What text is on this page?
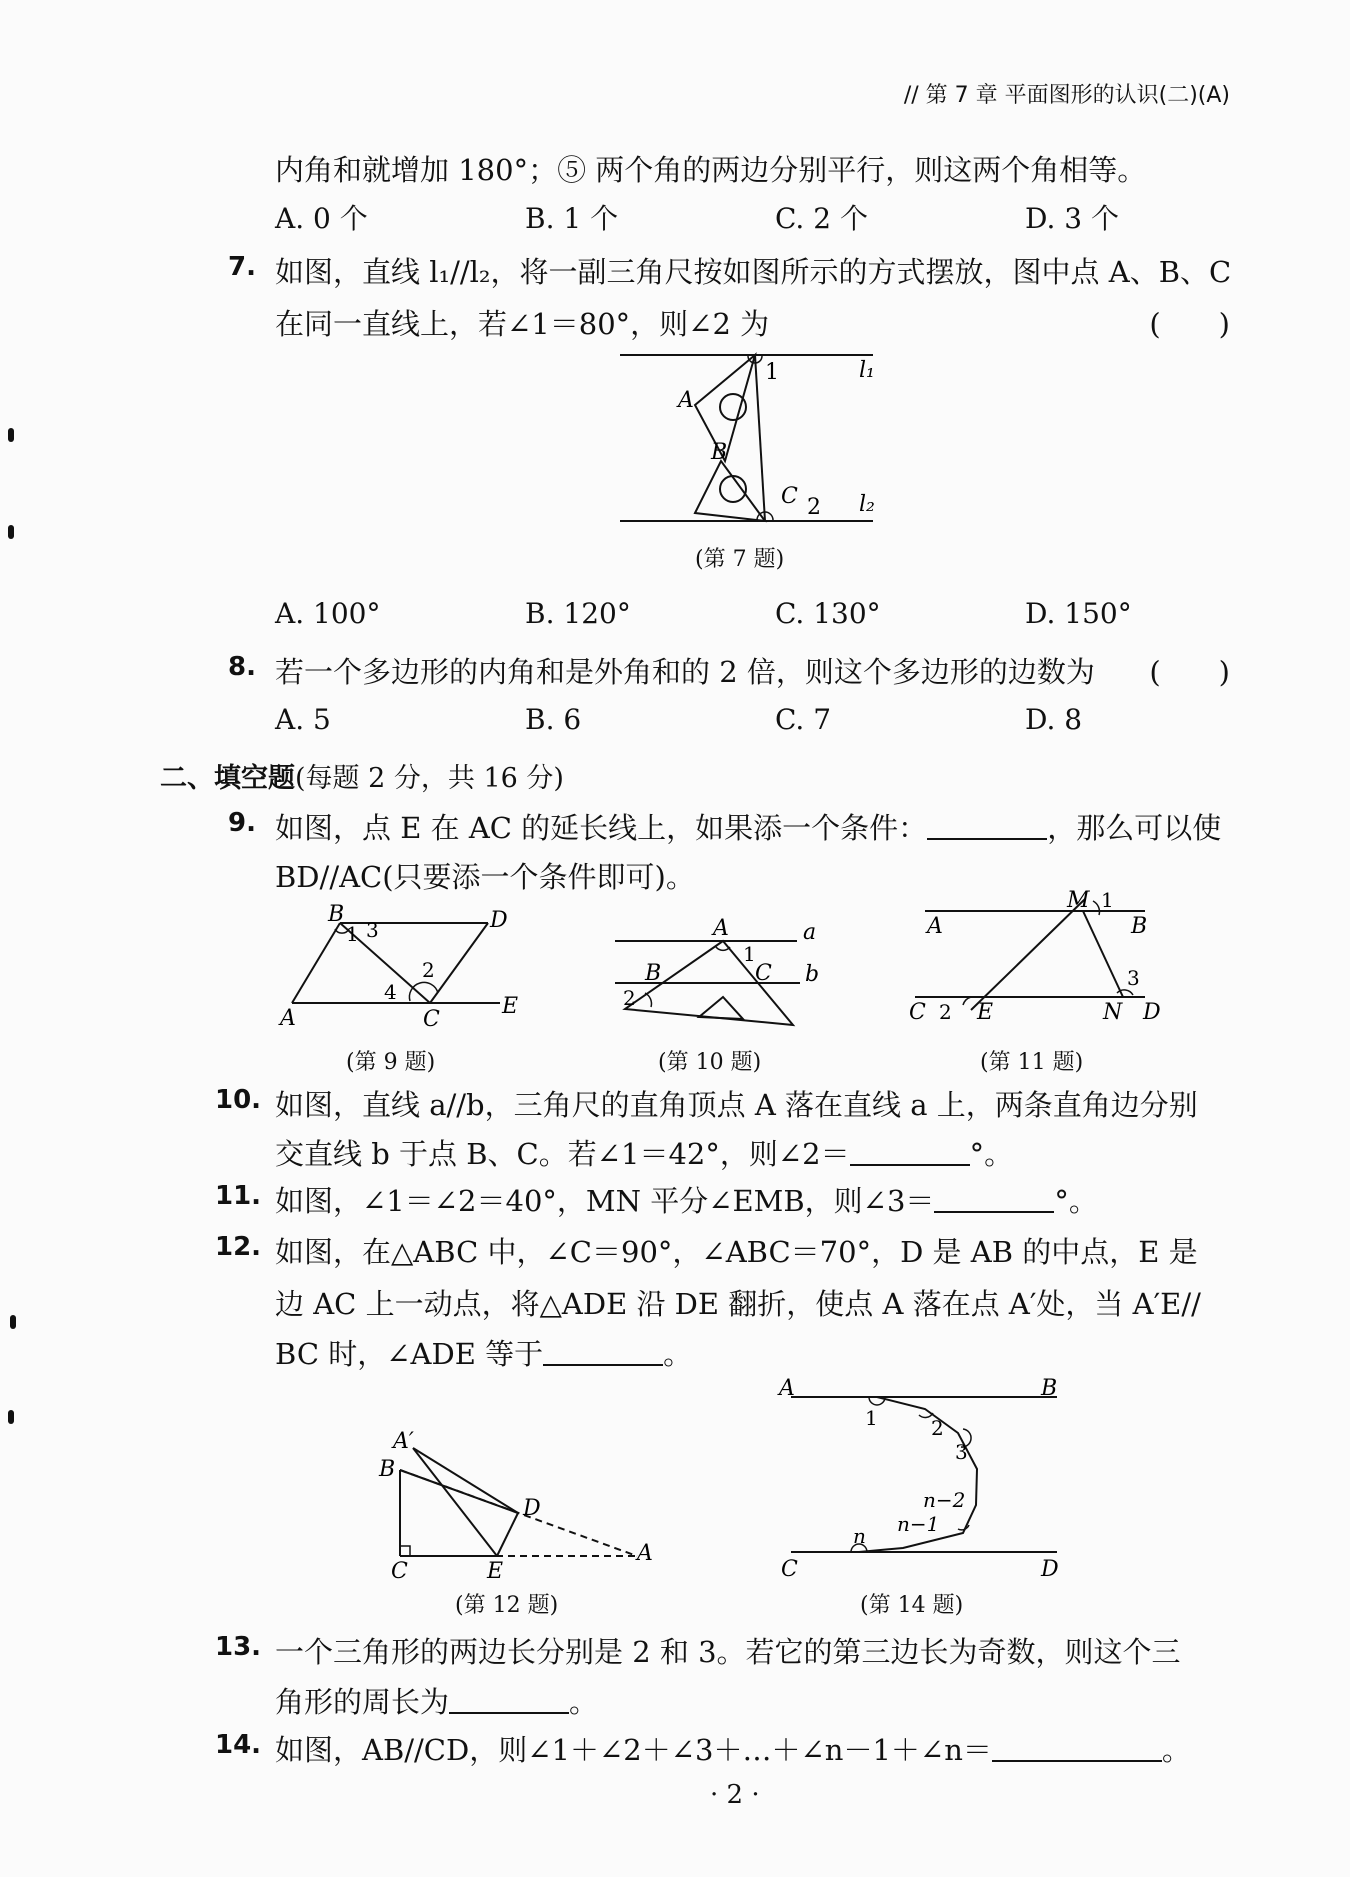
// 第 7 章 平面图形的认识(二)(A)
内角和就增加 180°；⑤ 两个角的两边分别平行，则这两个角相等。
A. 0 个	B. 1 个	C. 2 个	D. 3 个
7. 如图，直线 l₁//l₂，将一副三角尺按如图所示的方式摆放，图中点 A、B、C
在同一直线上，若∠1＝80°，则∠2 为	(　　)
1
A
B
C 2
l₁
l₂
(第 7 题)
A. 100°	B. 120°	C. 130°	D. 150°
8. 若一个多边形的内角和是外角和的 2 倍，则这个多边形的边数为 (　　)
A. 5	B. 6	C. 7	D. 8
二、填空题(每题 2 分，共 16 分)
9. 如图，点 E 在 AC 的延长线上，如果添一个条件：	，那么可以使
BD//AC(只要添一个条件即可)。
B	D
A	C
E
1 3
2
4
(第 9 题)
A	a
B	C b
1
2
(第 10 题)
M 1
A	B
3
C 2 E	N D
(第 11 题)
10. 如图，直线 a//b，三角尺的直角顶点 A 落在直线 a 上，两条直角边分别
交直线 b 于点 B、C。若∠1＝42°，则∠2＝	°。
11. 如图，∠1＝∠2＝40°，MN 平分∠EMB，则∠3＝	°。
12. 如图，在△ABC 中，∠C＝90°，∠ABC＝70°，D 是 AB 的中点，E 是
边 AC 上一动点，将△ADE 沿 DE 翻折，使点 A 落在点 A′处，当 A′E//
BC 时，∠ADE 等于	。
A′
B
D
C	E
A
(第 12 题)
A	B
1	2
3
n−2
n−1
n
C	D
(第 14 题)
13. 一个三角形的两边长分别是 2 和 3。若它的第三边长为奇数，则这个三
角形的周长为	。
14. 如图，AB//CD，则∠1＋∠2＋∠3＋…＋∠n－1＋∠n＝	。
· 2 ·
